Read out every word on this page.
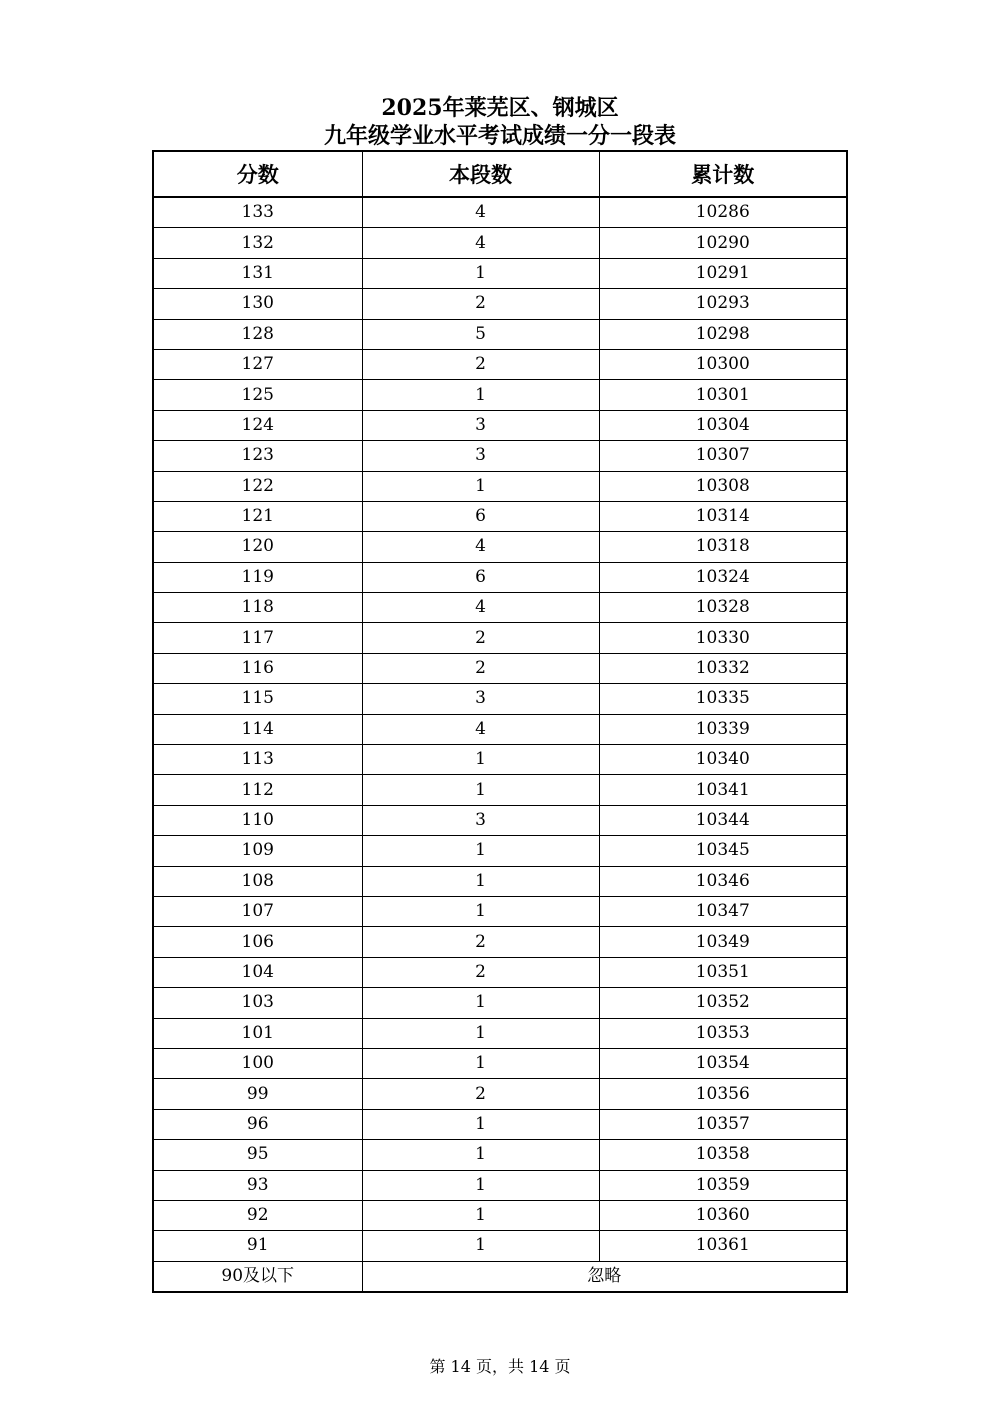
2025年莱芜区、钢城区
九年级学业水平考试成绩一分一段表
分数	本段数	累计数
133	4	10286
132	4	10290
131	1	10291
130	2	10293
128	5	10298
127	2	10300
125	1	10301
124	3	10304
123	3	10307
122	1	10308
121	6	10314
120	4	10318
119	6	10324
118	4	10328
117	2	10330
116	2	10332
115	3	10335
114	4	10339
113	1	10340
112	1	10341
110	3	10344
109	1	10345
108	1	10346
107	1	10347
106	2	10349
104	2	10351
103	1	10352
101	1	10353
100	1	10354
99	2	10356
96	1	10357
95	1	10358
93	1	10359
92	1	10360
91	1	10361
90及以下	忽略	
第 14 页，共 14 页
